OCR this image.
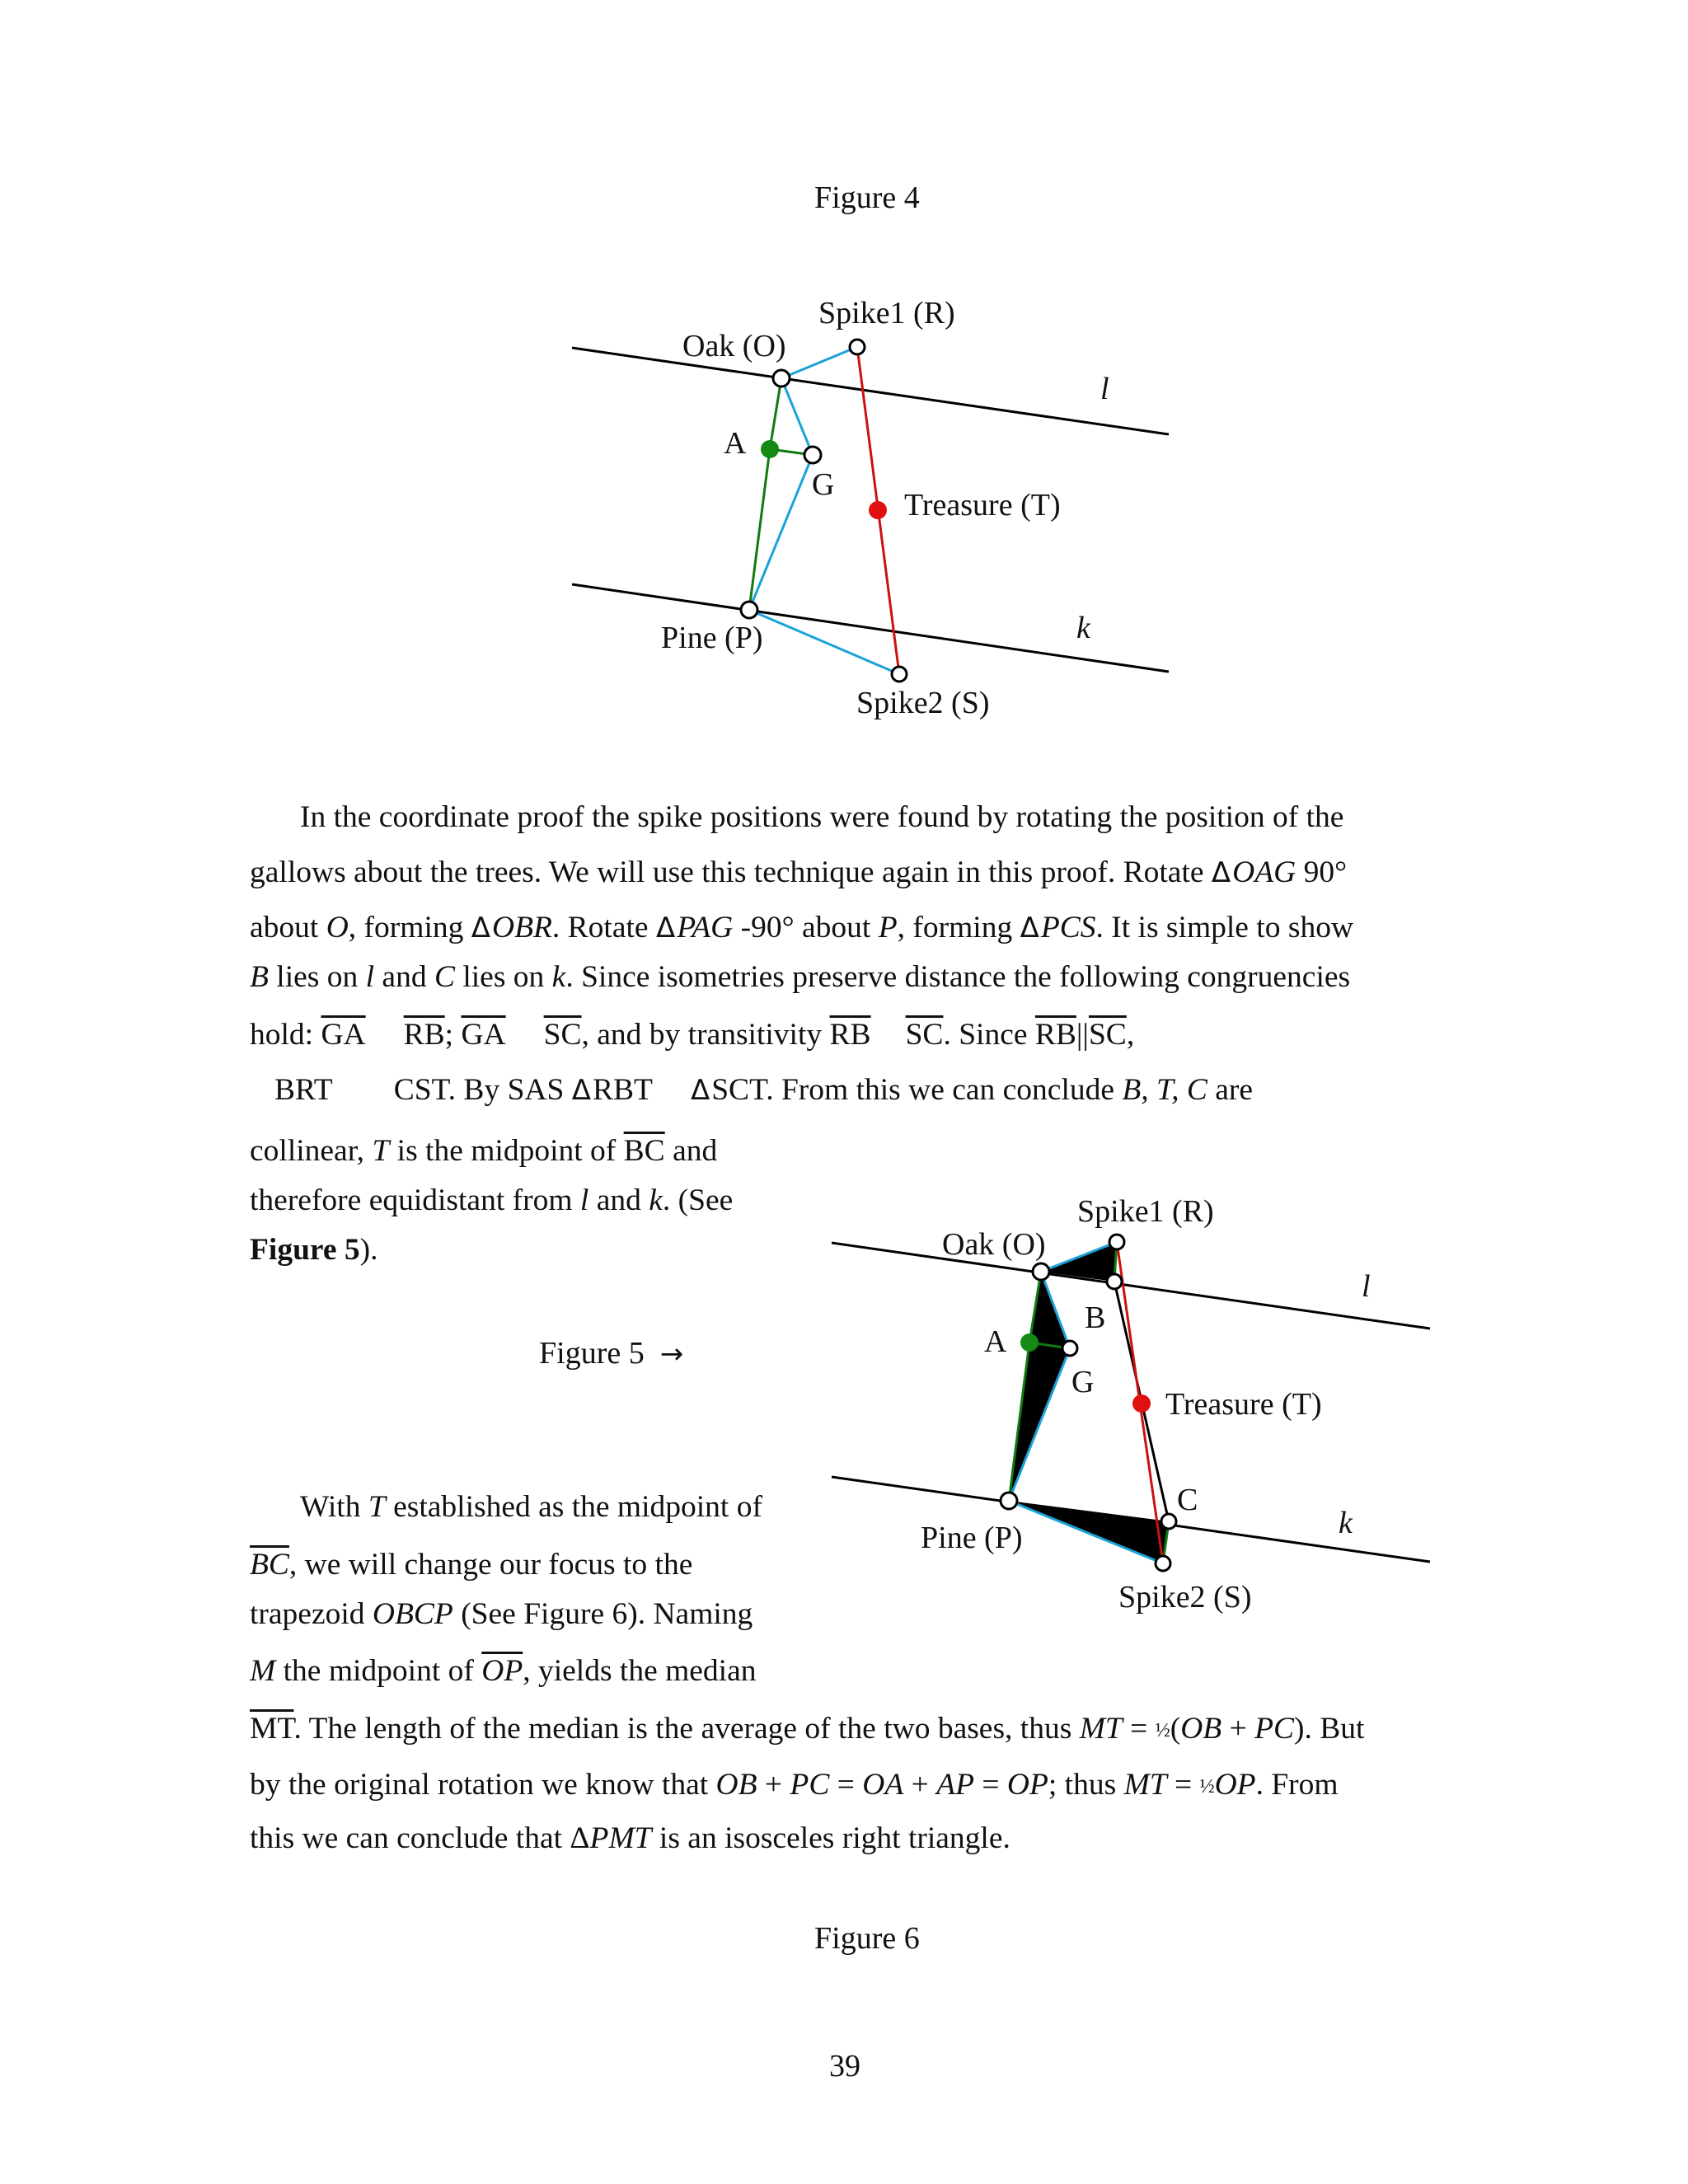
Figure 4
Oak (O)
Spike1 (R)
l
A
G
Treasure (T)
Pine (P)	k
Spike2 (S)
In the coordinate proof the spike positions were found by rotating the position of the
gallows about the trees. We will use this technique again in this proof. Rotate ΔOAG 90°
about O, forming ΔOBR. Rotate ΔPAG -90° about P, forming ΔPCS. It is simple to show
B lies on l and C lies on k. Since isometries preserve distance the following congruencies
hold: $\overline{GA}$ $\overline{RB}$; $\overline{GA}$ $\overline{SC}$, and by transitivity $\overline{RB}$ $\overline{SC}$. Since $\overline{RB}||\overline{SC}$,
BRT CST. By SAS ΔRBT ΔSCT. From this we can conclude B, T, C are
collinear, T is the midpoint of $\overline{BC}$ and
therefore equidistant from l and k. (See
Figure 5).
Figure 5 →
Oak (O)
Spike1 (R)
l
B
A
G
Treasure (T)
C
Pine (P)	k
Spike2 (S)
With T established as the midpoint of
$\overline{BC}$, we will change our focus to the
trapezoid OBCP (See Figure 6). Naming
M the midpoint of $\overline{OP}$, yields the median
$\overline{MT}$. The length of the median is the average of the two bases, thus MT = ½(OB + PC). But
by the original rotation we know that OB + PC = OA + AP = OP; thus MT = ½OP. From
this we can conclude that ΔPMT is an isosceles right triangle.
Figure 6
39
